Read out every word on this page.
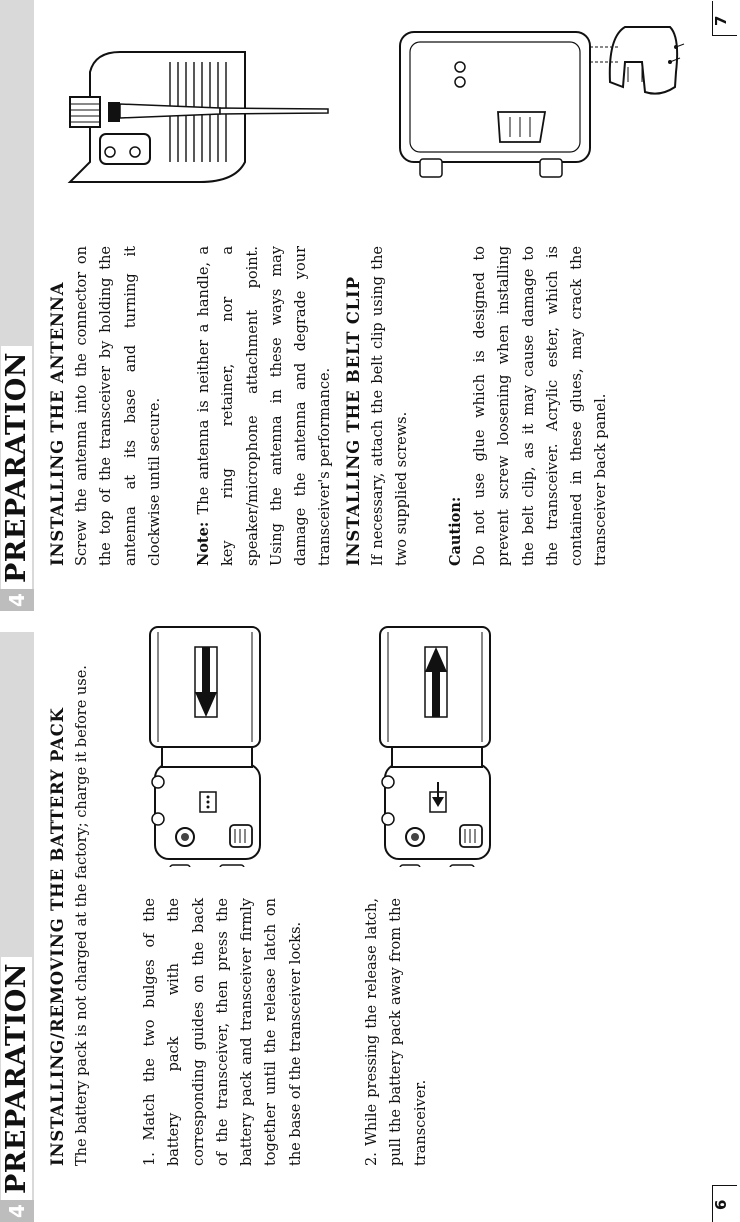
4
PREPARATION
4
PREPARATION
INSTALLING/REMOVING THE BATTERY PACK The battery pack is not charged at the factory; charge it before use.	1. Match the two bulges of the battery pack with the corresponding guides on the back of the transceiver, then press the battery pack and transceiver firmly together until the release latch on the base of the transceiver locks.	2. While pressing the release latch, pull the battery pack away from the transceiver.
6
INSTALLING THE ANTENNA Screw the antenna into the connector on the top of the transceiver by holding the antenna at its base and turning it clockwise until secure. Note: The antenna is neither a handle, a key ring retainer, nor a speaker/microphone attachment point. Using the antenna in these ways may damage the antenna and degrade your transceiver's performance. INSTALLING THE BELT CLIP If necessary, attach the belt clip using the two supplied screws.	Caution: Do not use glue which is designed to prevent screw loosening when installing the belt clip, as it may cause damage to the transceiver. Acrylic ester, which is contained in these glues, may crack the transceiver back panel.
7
